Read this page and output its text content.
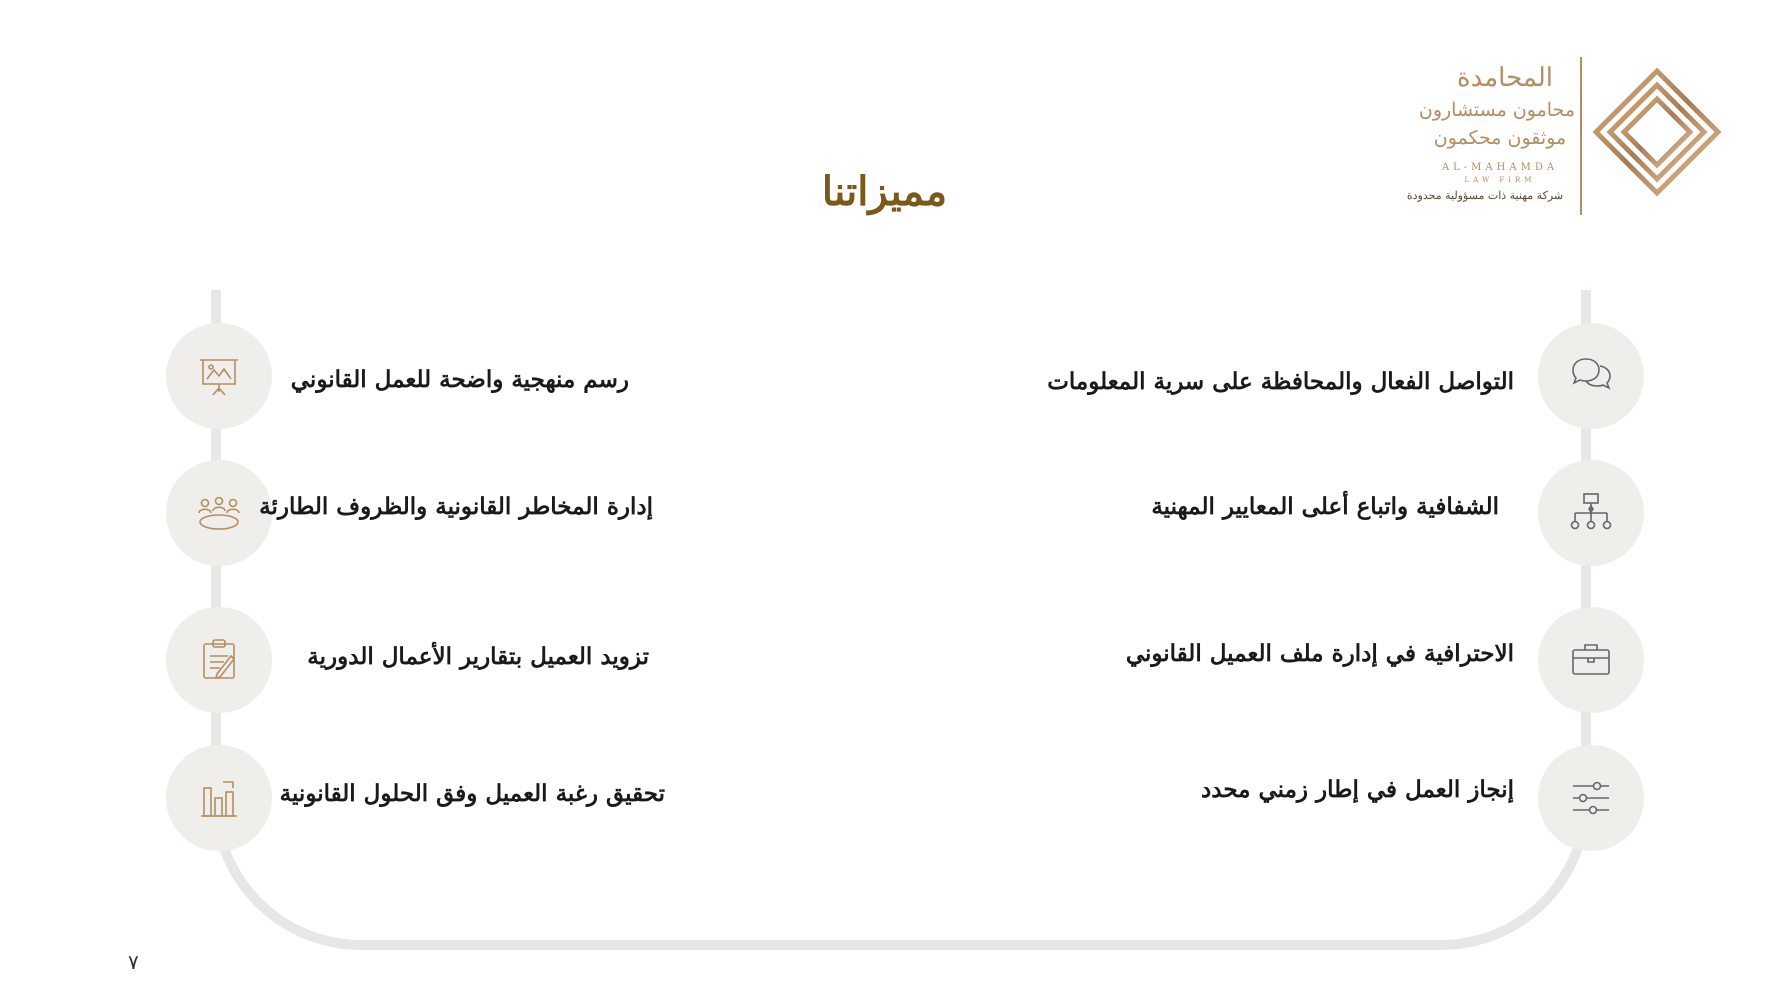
المحامدة
محامون مستشارون
موثقون محكمون
AL-MAHAMDA
LAW FIRM
شركة مهنية ذات مسؤولية محدودة
مميزاتنا
التواصل الفعال والمحافظة على سرية المعلومات
الشفافية واتباع أعلى المعايير المهنية
الاحترافية في إدارة ملف العميل القانوني
إنجاز العمل في إطار زمني محدد
رسم منهجية واضحة للعمل القانوني
إدارة المخاطر القانونية والظروف الطارئة
تزويد العميل بتقارير الأعمال الدورية
تحقيق رغبة العميل وفق الحلول القانونية
٧
